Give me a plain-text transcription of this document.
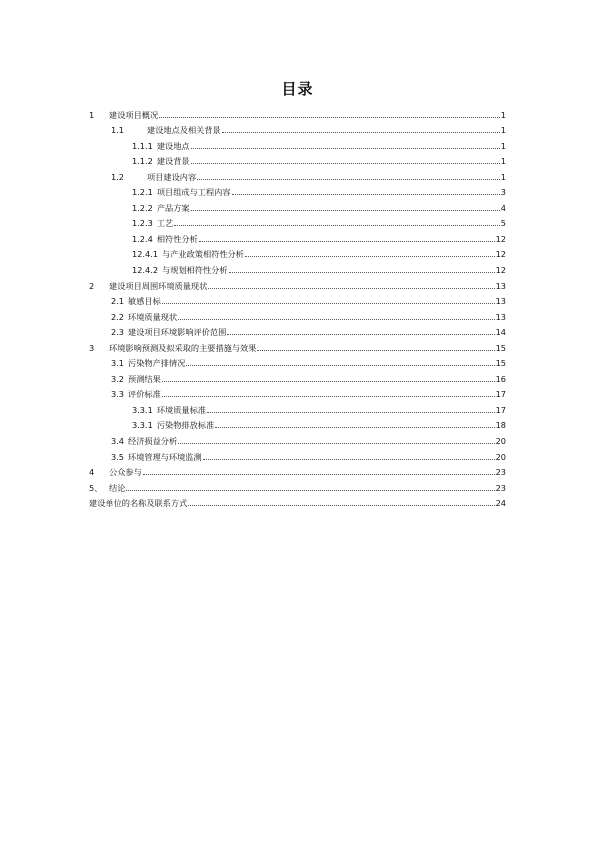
目录
1	建设项目概况	1
1.1	建设地点及相关背景	1
1.1.1 建设地点	1
1.1.2 建设背景	1
1.2	项目建设内容	1
1.2.1 项目组成与工程内容	3
1.2.2 产品方案	4
1.2.3 工艺	5
1.2.4 相符性分析	12
12.4.1 与产业政策相符性分析	12
12.4.2 与规划相符性分析	12
2	建设项目周围环境质量现状	13
2.1 敏感目标	13
2.2 环境质量现状	13
2.3 建设项目环境影响评价范围	14
3	环境影响预测及拟采取的主要措施与效果	15
3.1 污染物产排情况	15
3.2 预测结果	16
3.3 评价标准	17
3.3.1 环境质量标准	17
3.3.1 污染物排放标准	18
3.4 经济损益分析	20
3.5 环境管理与环境监测	20
4	公众参与	23
5、 结论	23
建设单位的名称及联系方式	24
